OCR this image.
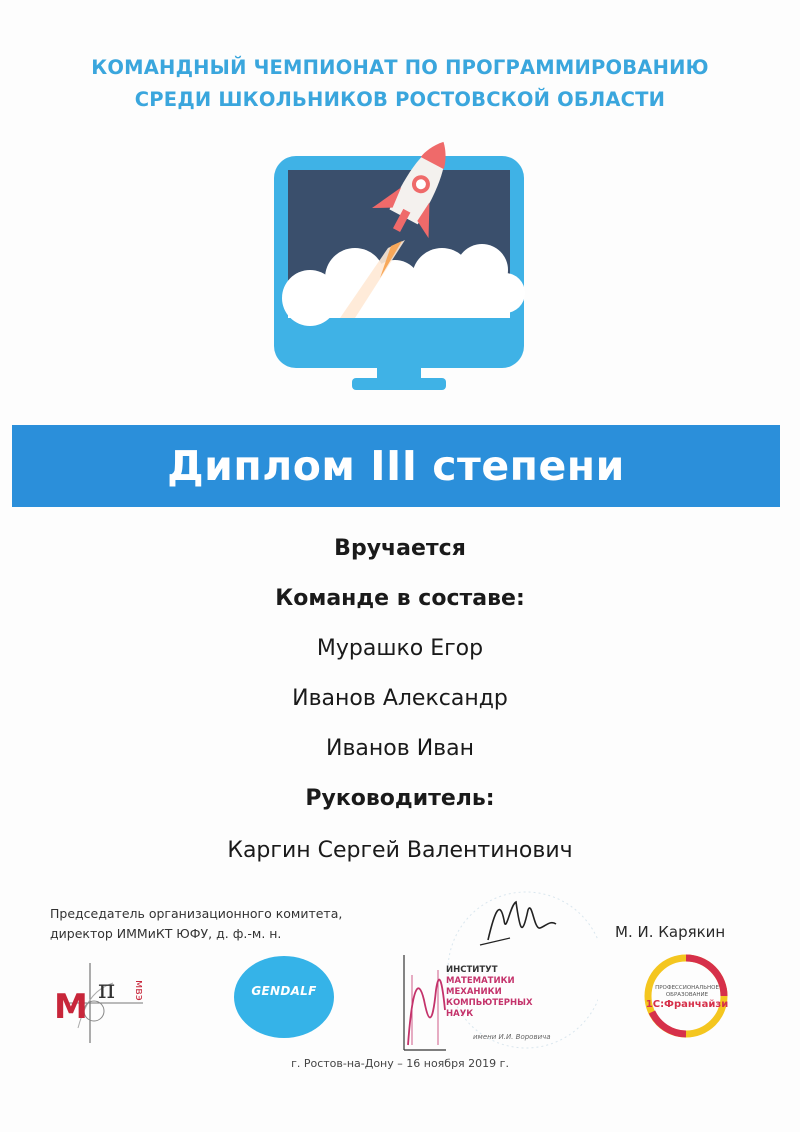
КОМАНДНЫЙ ЧЕМПИОНАТ ПО ПРОГРАММИРОВАНИЮ
СРЕДИ ШКОЛЬНИКОВ РОСТОВСКОЙ ОБЛАСТИ
Диплом III степени
Вручается
Команде в составе:
Мурашко Егор
Иванов Александр
Иванов Иван
Руководитель:
Каргин Сергей Валентинович
Председатель организационного комитета,
директор ИММиКТ ЮФУ, д. ф.-м. н.	М. И. Карякин
М π мвэ	GENDALF
ИНСТИТУТ
МАТЕМАТИКИ
МЕХАНИКИ
КОМПЬЮТЕРНЫХ
НАУК
имени И.И. Воровича
ПРОФЕССИОНАЛЬНОЕ ОБРАЗОВАНИЕ
1С:Франчайзи
г. Ростов-на-Дону – 16 ноября 2019 г.
